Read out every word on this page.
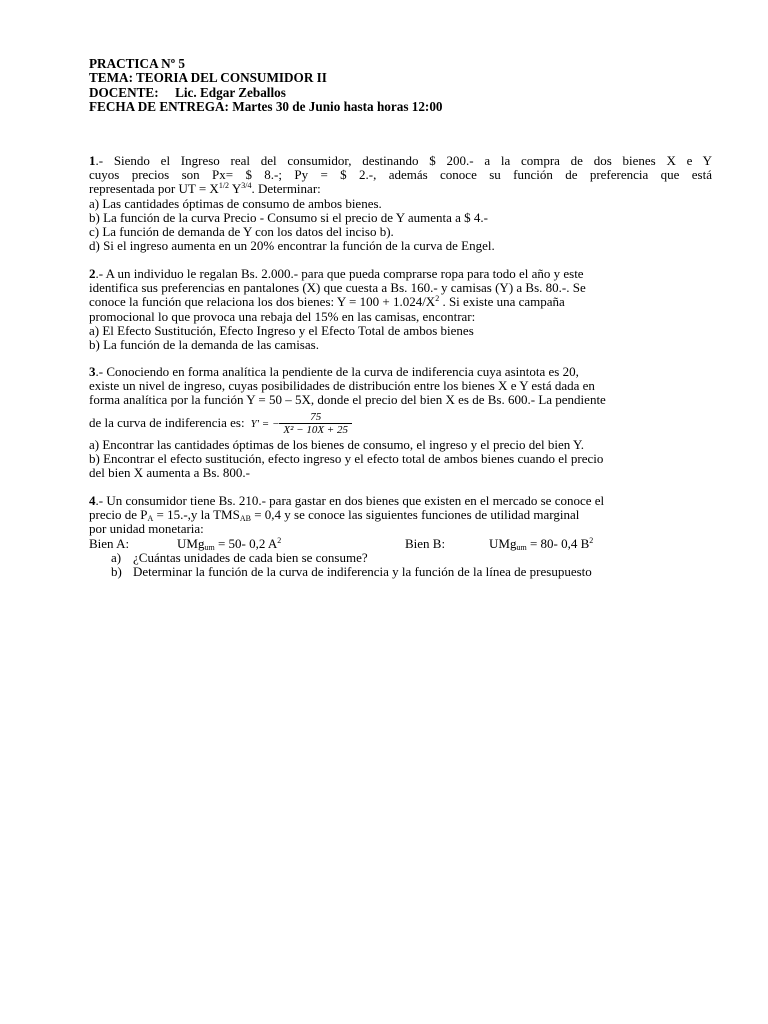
PRACTICA Nº 5
TEMA: TEORIA DEL CONSUMIDOR II
DOCENTE: Lic. Edgar Zeballos
FECHA DE ENTREGA: Martes 30 de Junio hasta horas 12:00

1.- Siendo el Ingreso real del consumidor, destinando $ 200.- a la compra de dos bienes X e Y

cuyos precios son Px= $ 8.-; Py = $ 2.-, además conoce su función de preferencia que está

representada por UT = $X^{1/2}$ $Y^{3/4}$. Determinar:

a) Las cantidades óptimas de consumo de ambos bienes.

b) La función de la curva Precio - Consumo si el precio de Y aumenta a $ 4.-

c) La función de demanda de Y con los datos del inciso b).

d) Si el ingreso aumenta en un 20% encontrar la función de la curva de Engel.

2.- A un individuo le regalan Bs. 2.000.- para que pueda comprarse ropa para todo el año y este

identifica sus preferencias en pantalones (X) que cuesta a Bs. 160.- y camisas (Y) a Bs. 80.-. Se

conoce la función que relaciona los dos bienes: $Y = 100 + 1.024/X^2$ . Si existe una campaña

promocional lo que provoca una rebaja del 15% en las camisas, encontrar:

a) El Efecto Sustitución, Efecto Ingreso y el Efecto Total de ambos bienes

b) La función de la demanda de las camisas.

3.- Conociendo en forma analítica la pendiente de la curva de indiferencia cuya asintota es 20,

existe un nivel de ingreso, cuyas posibilidades de distribución entre los bienes X e Y está dada en

forma analítica por la función Y = 50 – 5X, donde el precio del bien X es de Bs. 600.- La pendiente

de la curva de indiferencia es: Y' = − $\frac{75}{\text{X² − 10X + 25}}$

a) Encontrar las cantidades óptimas de los bienes de consumo, el ingreso y el precio del bien Y.

b) Encontrar el efecto sustitución, efecto ingreso y el efecto total de ambos bienes cuando el precio

del bien X aumenta a Bs. 800.-

4.- Un consumidor tiene Bs. 210.- para gastar en dos bienes que existen en el mercado se conoce el

precio de $P_A = 15.-,y$ la $TMS_{AB} = 0,4$ y se conoce las siguientes funciones de utilidad marginal

por unidad monetaria:

Bien A:	UMg$_{um}$ = 50- 0,2 $A^2$	Bien B:	UMg$_{um}$ = 80- 0,4 $B^2$

a) ¿Cuántas unidades de cada bien se consume?

b) Determinar la función de la curva de indiferencia y la función de la línea de presupuesto
